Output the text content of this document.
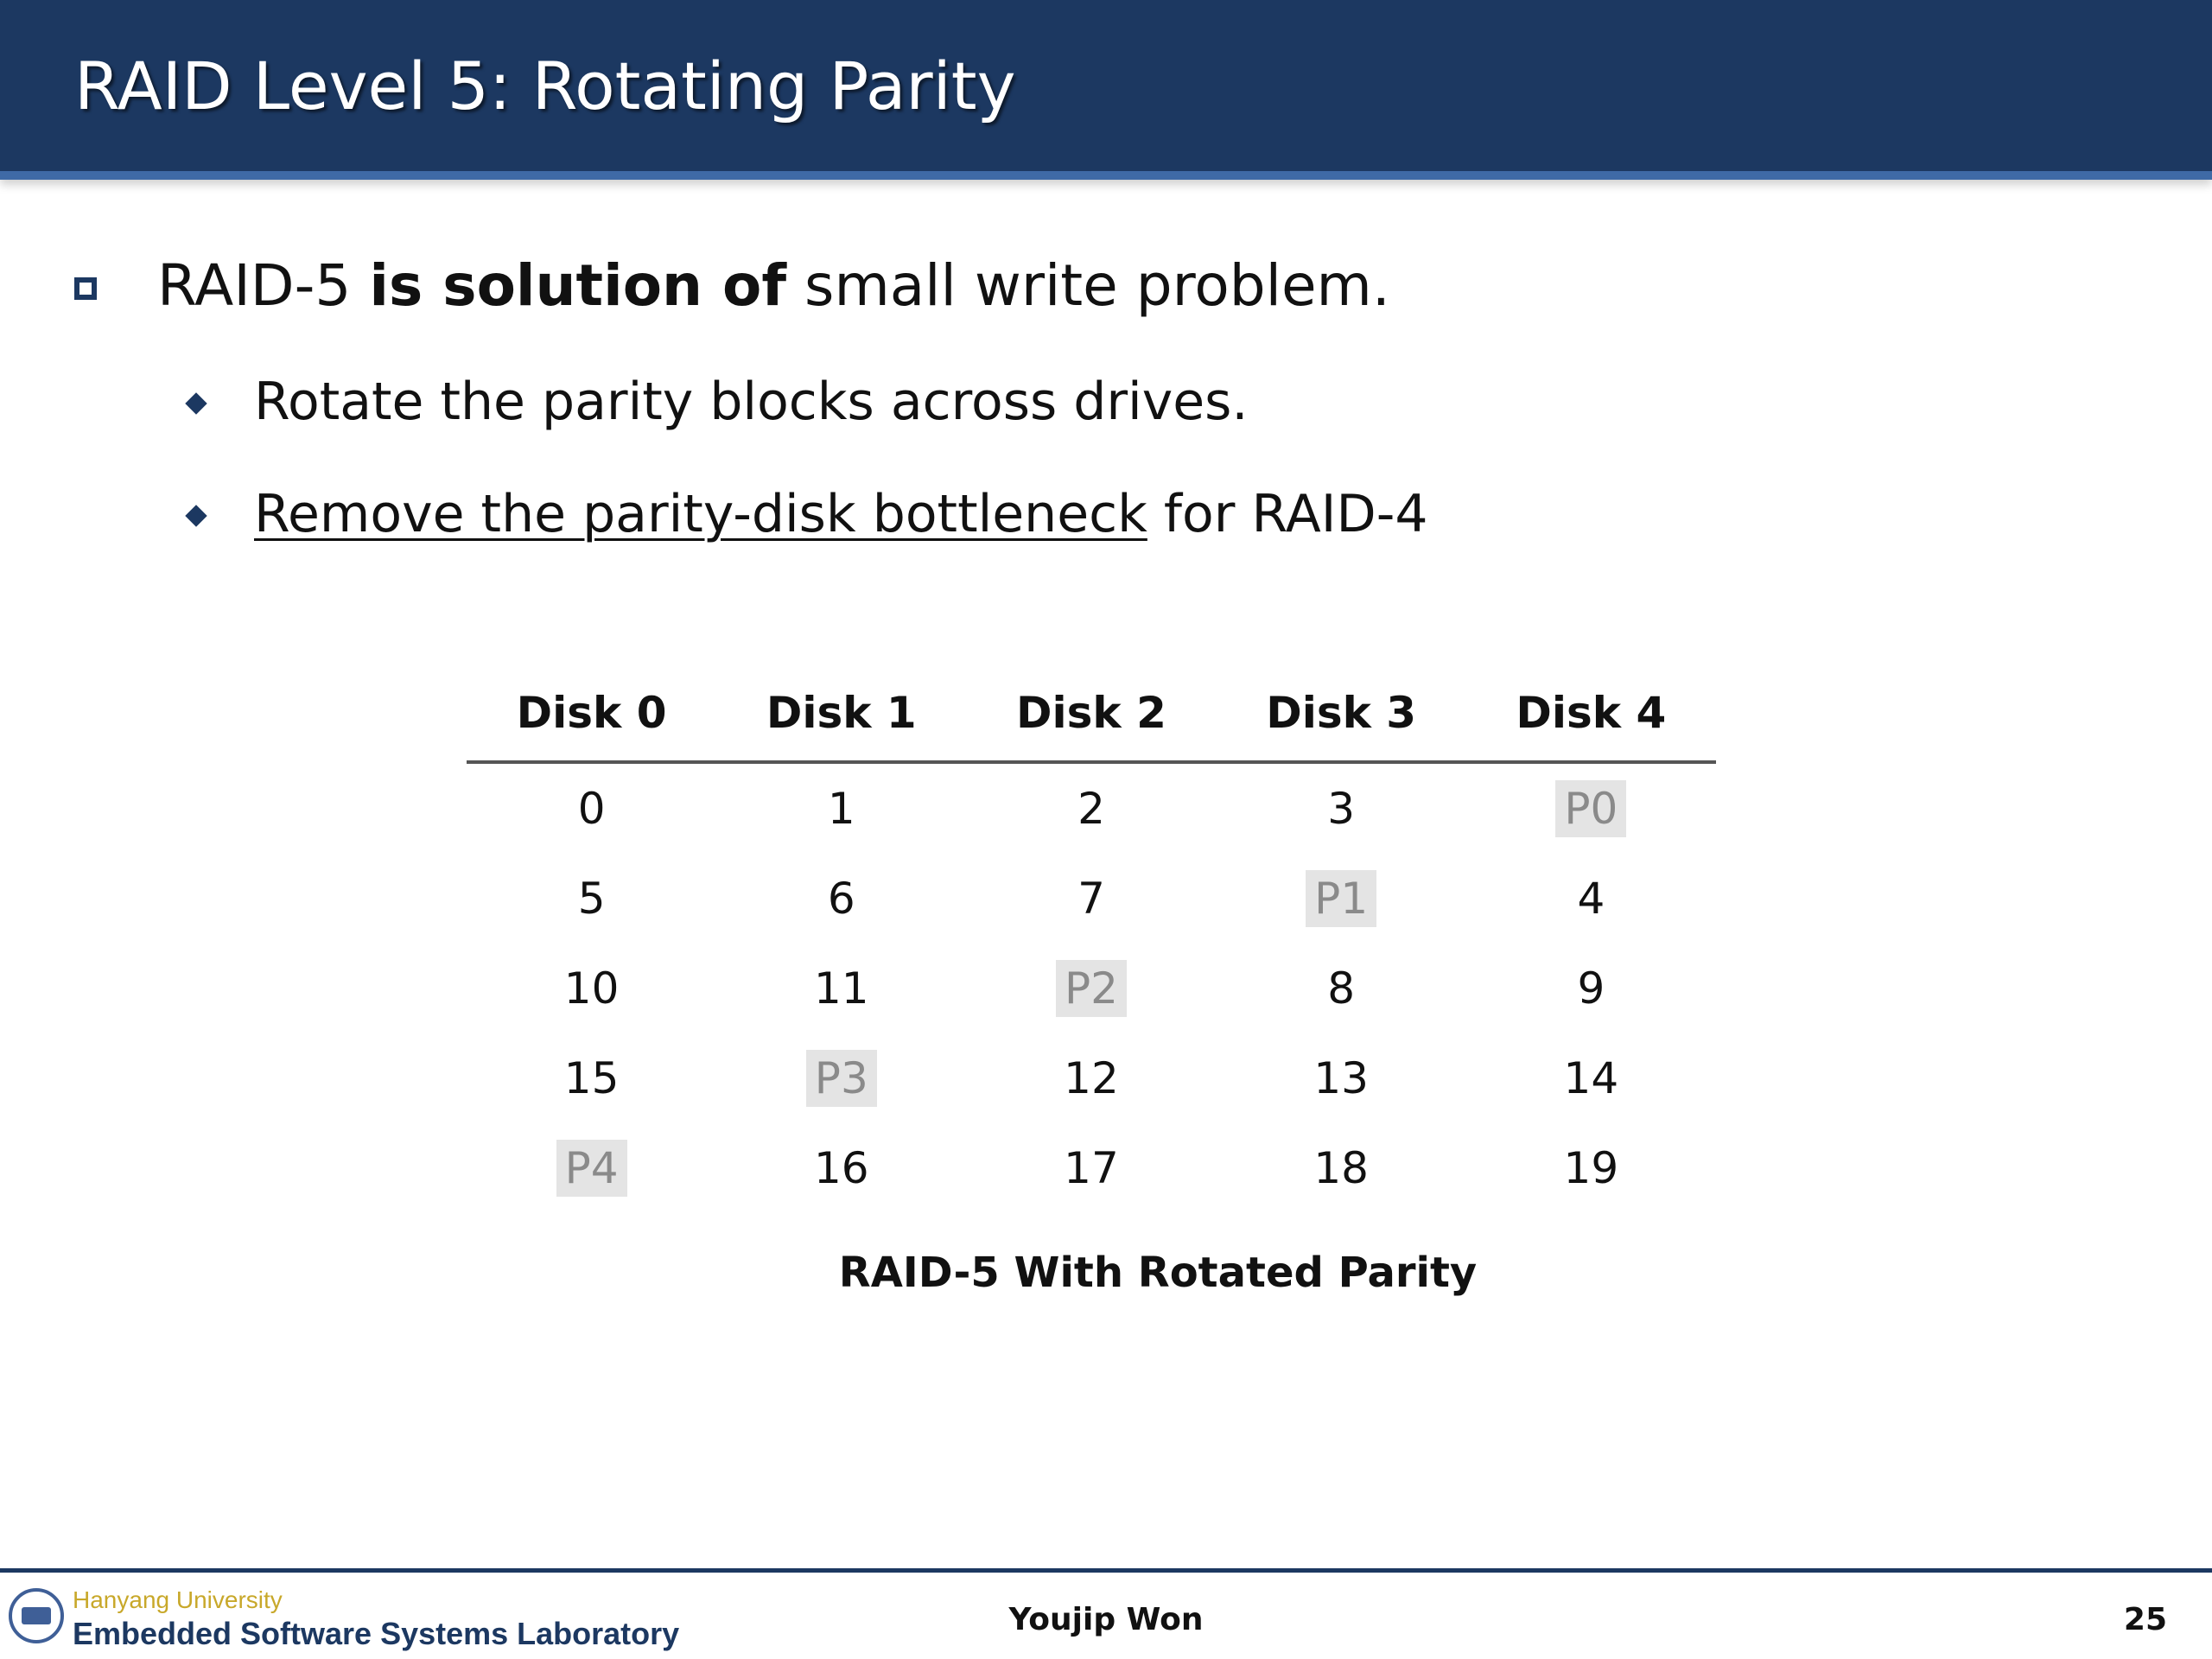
RAID Level 5: Rotating Parity
RAID-5 is solution of small write problem.
Rotate the parity blocks across drives.
Remove the parity-disk bottleneck for RAID-4
Disk 0	Disk 1	Disk 2	Disk 3	Disk 4
0	1	2	3	P0
5	6	7	P1	4
10	11	P2	8	9
15	P3	12	13	14
P4	16	17	18	19
RAID-5 With Rotated Parity
Hanyang University
Embedded Software Systems Laboratory	Youjip Won	25
